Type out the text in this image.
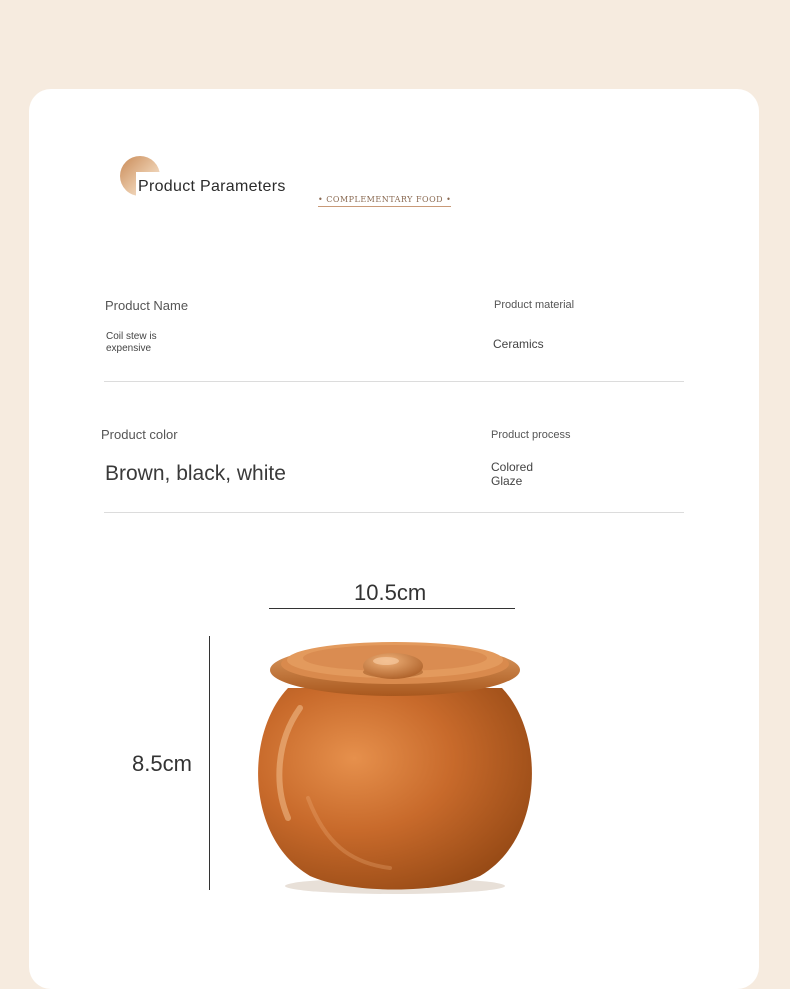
Product Parameters
• COMPLEMENTARY FOOD •
Product Name
Coil stew is expensive
Product material
Ceramics
Product color
Brown, black, white
Product process
Colored Glaze
10.5cm
8.5cm
